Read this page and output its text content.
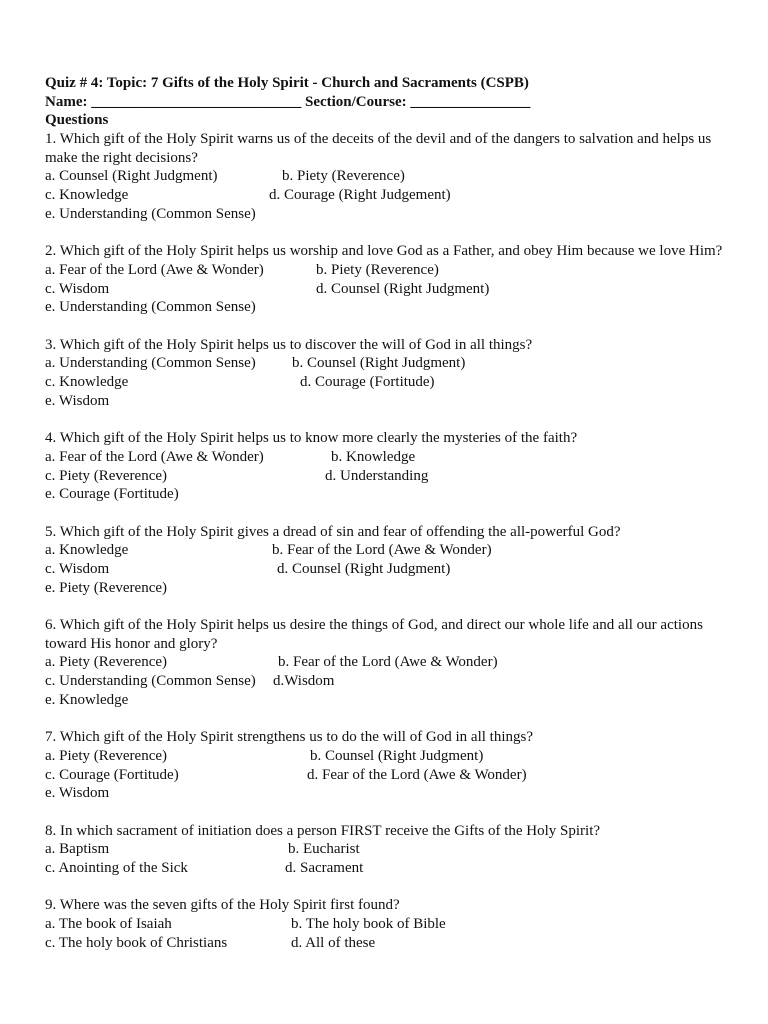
Quiz # 4: Topic: 7 Gifts of the Holy Spirit - Church and Sacraments (CSPB)
Name: ____________________________ Section/Course: ________________
Questions
1. Which gift of the Holy Spirit warns us of the deceits of the devil and of the dangers to salvation and helps us make the right decisions?

a. Counsel (Right Judgment)

	b. Piety (Reverence)

c. Knowledge

	d. Courage (Right Judgement)

e. Understanding (Common Sense)
2. Which gift of the Holy Spirit helps us worship and love God as a Father, and obey Him because we love Him?

a. Fear of the Lord (Awe & Wonder)

	b. Piety (Reverence)

c. Wisdom

	d. Counsel (Right Judgment)

e. Understanding (Common Sense)
3. Which gift of the Holy Spirit helps us to discover the will of God in all things?

a. Understanding (Common Sense)

b. Counsel (Right Judgment)

c. Knowledge

	d. Courage (Fortitude)

e. Wisdom
4. Which gift of the Holy Spirit helps us to know more clearly the mysteries of the faith?

a. Fear of the Lord (Awe & Wonder)

	b. Knowledge

c. Piety (Reverence)

	d. Understanding

e. Courage (Fortitude)
5. Which gift of the Holy Spirit gives a dread of sin and fear of offending the all-powerful God?

a. Knowledge

	b. Fear of the Lord (Awe & Wonder)

c. Wisdom

	d. Counsel (Right Judgment)

e. Piety (Reverence)
6. Which gift of the Holy Spirit helps us desire the things of God, and direct our whole life and all our actions toward His honor and glory?

a. Piety (Reverence)

	b. Fear of the Lord (Awe & Wonder)

c. Understanding (Common Sense)

d.Wisdom

e. Knowledge
7. Which gift of the Holy Spirit strengthens us to do the will of God in all things?

a. Piety (Reverence)

	b. Counsel (Right Judgment)

c. Courage (Fortitude)

	d. Fear of the Lord (Awe & Wonder)

e. Wisdom
8. In which sacrament of initiation does a person FIRST receive the Gifts of the Holy Spirit?

a. Baptism

	b. Eucharist

c. Anointing of the Sick

	d. Sacrament

9. Where was the seven gifts of the Holy Spirit first found?

a. The book of Isaiah

	b. The holy book of Bible

c. The holy book of Christians

	d. All of these
